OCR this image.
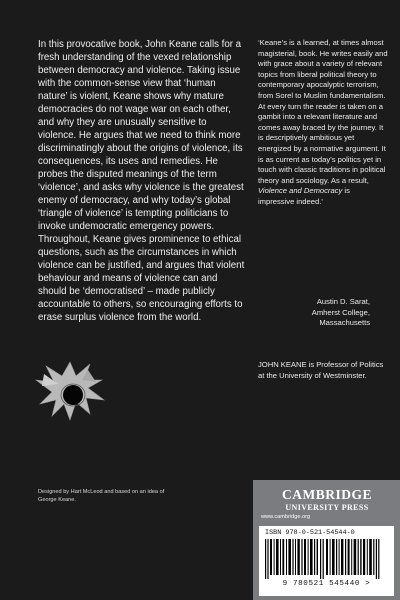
In this provocative book, John Keane calls for a fresh understanding of the vexed relationship between democracy and violence. Taking issue with the common-sense view that ‘human nature’ is violent, Keane shows why mature democracies do not wage war on each other, and why they are unusually sensitive to violence. He argues that we need to think more discriminatingly about the origins of violence, its consequences, its uses and remedies. He probes the disputed meanings of the term ‘violence’, and asks why violence is the greatest enemy of democracy, and why today’s global ‘triangle of violence’ is tempting politicians to invoke undemocratic emergency powers. Throughout, Keane gives prominence to ethical questions, such as the circumstances in which violence can be justified, and argues that violent behaviour and means of violence can and should be ‘democratised’ – made publicly accountable to others, so encouraging efforts to erase surplus violence from the world.
‘Keane’s is a learned, at times almost magisterial, book. He writes easily and with grace about a variety of relevant topics from liberal political theory to contemporary apocalyptic terrorism, from Sorel to Muslim fundamentalism. At every turn the reader is taken on a gambit into a relevant literature and comes away braced by the journey. It is descriptively ambitious yet energized by a normative argument. It is as current as today’s politics yet in touch with classic traditions in political theory and sociology. As a result, Violence and Democracy is impressive indeed.’
Austin D. Sarat,
Amherst College,
Massachusetts
JOHN KEANE is Professor of Politics at the University of Westminster.
Designed by Hart McLeod and based on an idea of George Keane.	CAMBRIDGE
UNIVERSITY PRESS
www.cambridge.org
ISBN 978-0-521-54544-0
9 780521 545440 >
